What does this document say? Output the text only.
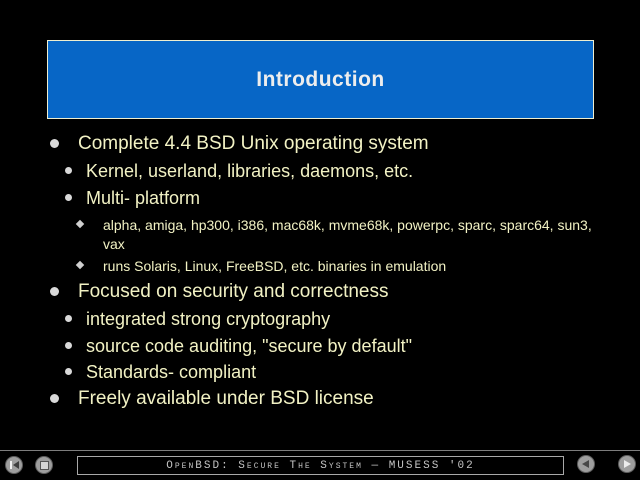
Introduction
Complete 4.4 BSD Unix operating system
Kernel, userland, libraries, daemons, etc.
Multi- platform
alpha, amiga, hp300, i386, mac68k, mvme68k, powerpc, sparc, sparc64, sun3, vax
runs Solaris, Linux, FreeBSD, etc. binaries in emulation
Focused on security and correctness
integrated strong cryptography
source code auditing, "secure by default"
Standards- compliant
Freely available under BSD license
OpenBSD: Secure The System — MUSESS '02
